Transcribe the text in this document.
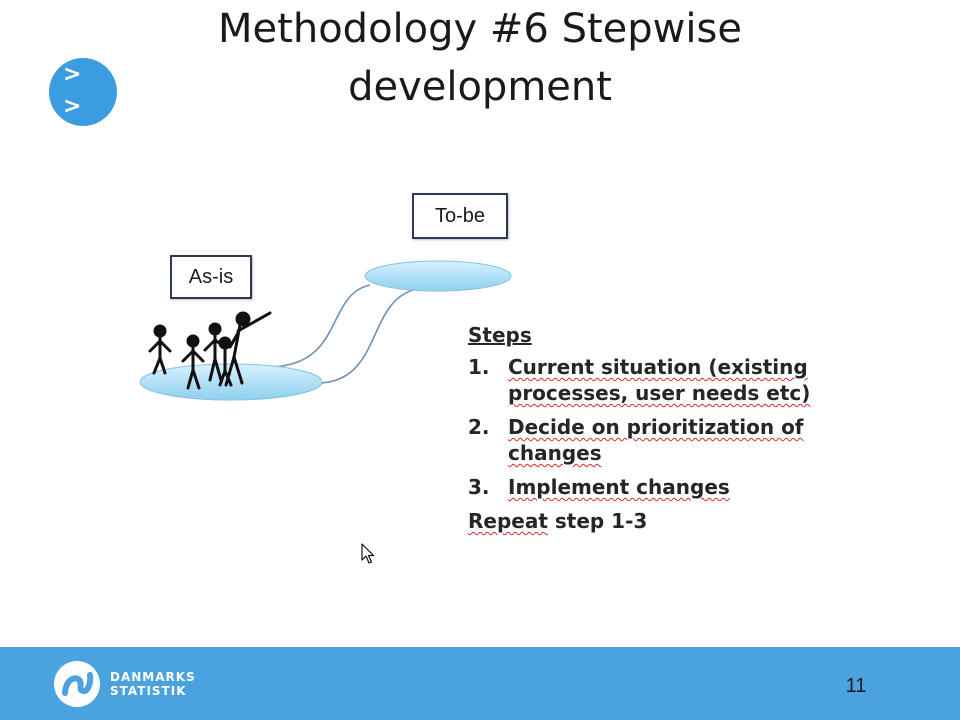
Methodology #6 Stepwise development
>
>
As-is
To-be
Steps
1. Current situation (existing processes, user needs etc)
2. Decide on prioritization of changes
3. Implement changes
Repeat step 1-3
DANMARKS
STATISTIK	11
